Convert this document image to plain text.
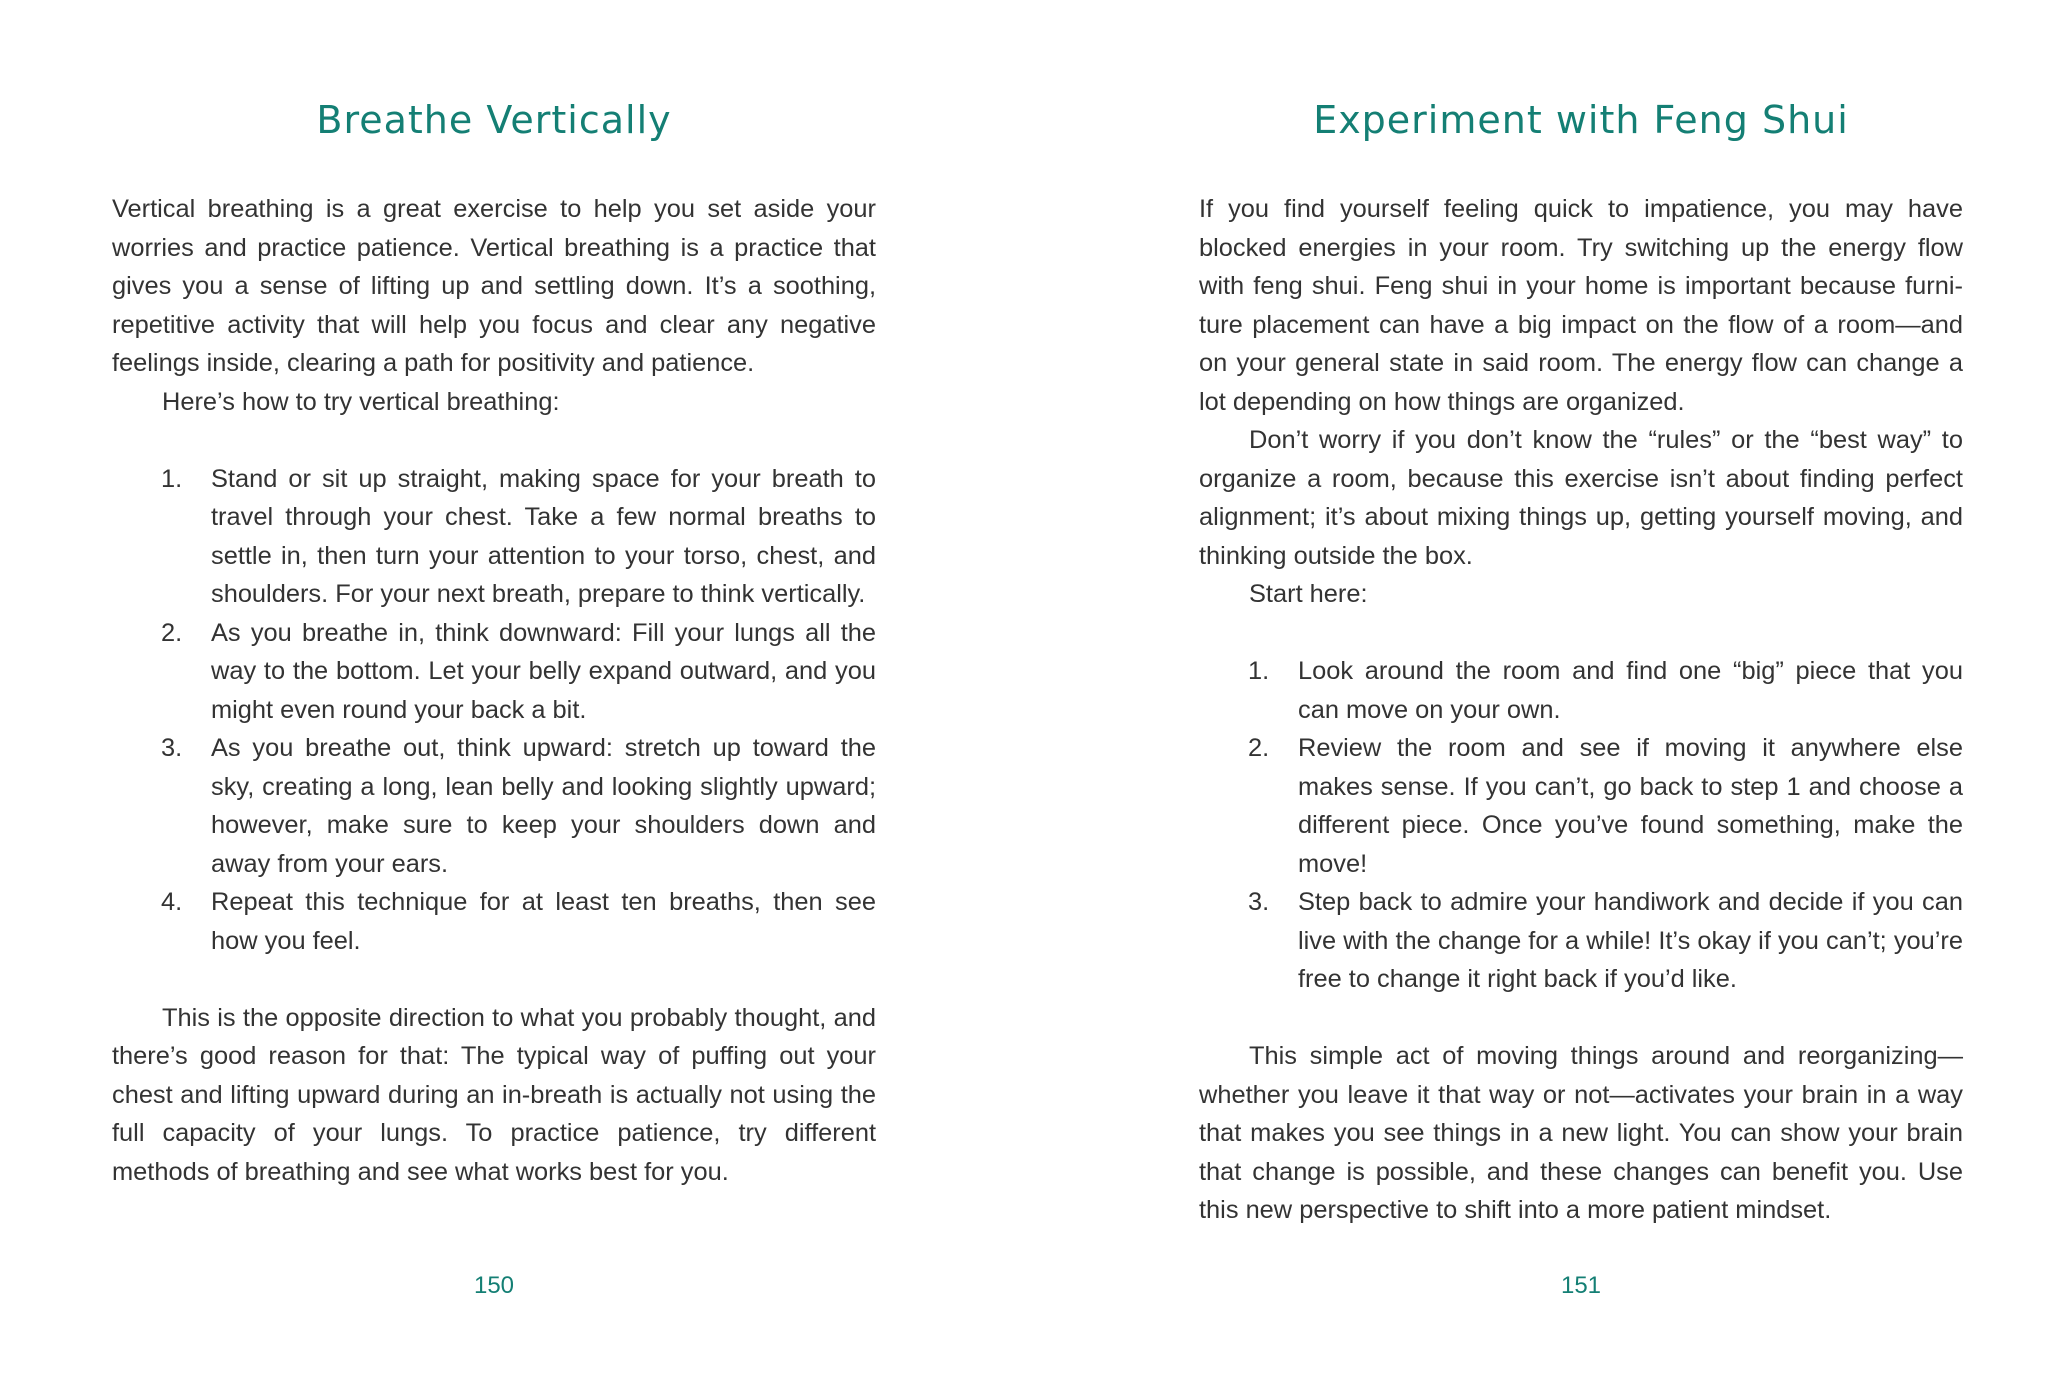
Breathe Vertically

Vertical breathing is a great exercise to help you set aside your worries and practice patience. Vertical breathing is a practice that gives you a sense of lifting up and settling down. It’s a soothing, repetitive activity that will help you focus and clear any negative feelings inside, clearing a path for positivity and patience.

Here’s how to try vertical breathing:

1. Stand or sit up straight, making space for your breath to travel through your chest. Take a few normal breaths to settle in, then turn your attention to your torso, chest, and shoulders. For your next breath, prepare to think vertically.
2. As you breathe in, think downward: Fill your lungs all the way to the bottom. Let your belly expand outward, and you might even round your back a bit.
3. As you breathe out, think upward: stretch up toward the sky, creating a long, lean belly and looking slightly upward; however, make sure to keep your shoulders down and away from your ears.
4. Repeat this technique for at least ten breaths, then see how you feel.

This is the opposite direction to what you probably thought, and there’s good reason for that: The typical way of puffing out your chest and lifting upward during an in-breath is actually not using the full capacity of your lungs. To practice patience, try different methods of breathing and see what works best for you.

150
Experiment with Feng Shui

If you find yourself feeling quick to impatience, you may have blocked energies in your room. Try switching up the energy flow with feng shui. Feng shui in your home is important because furniture placement can have a big impact on the flow of a room—and on your general state in said room. The energy flow can change a lot depending on how things are organized.

Don’t worry if you don’t know the “rules” or the “best way” to organize a room, because this exercise isn’t about finding perfect alignment; it’s about mixing things up, getting yourself moving, and thinking outside the box.

Start here:

1. Look around the room and find one “big” piece that you can move on your own.
2. Review the room and see if moving it anywhere else makes sense. If you can’t, go back to step 1 and choose a different piece. Once you’ve found something, make the move!
3. Step back to admire your handiwork and decide if you can live with the change for a while! It’s okay if you can’t; you’re free to change it right back if you’d like.

This simple act of moving things around and reorganizing—whether you leave it that way or not—activates your brain in a way that makes you see things in a new light. You can show your brain that change is possible, and these changes can benefit you. Use this new perspective to shift into a more patient mindset.

151
